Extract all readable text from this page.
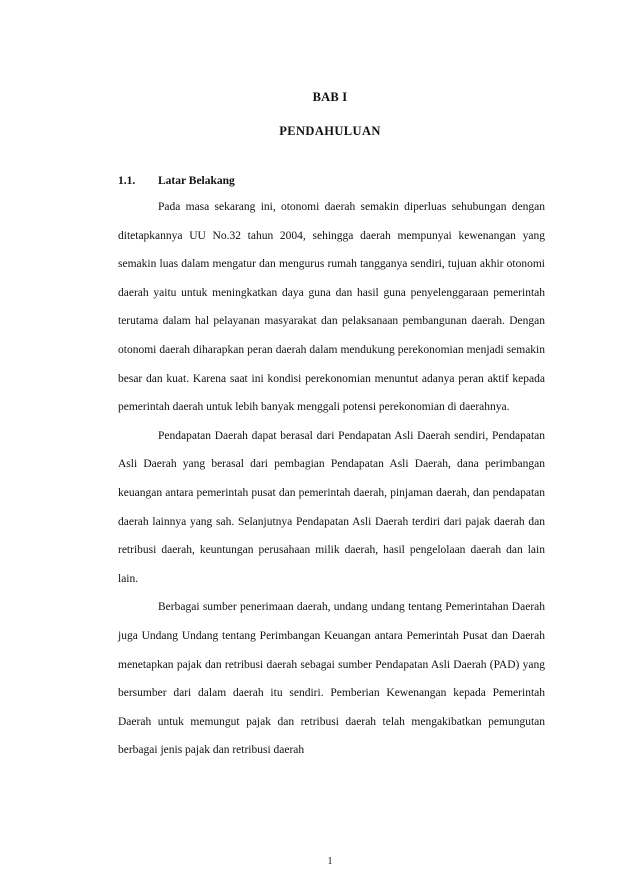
BAB I
PENDAHULUAN
1.1. Latar Belakang

Pada masa sekarang ini, otonomi daerah semakin diperluas sehubungan dengan ditetapkannya UU No.32 tahun 2004, sehingga daerah mempunyai kewenangan yang semakin luas dalam mengatur dan mengurus rumah tangganya sendiri, tujuan akhir otonomi daerah yaitu untuk meningkatkan daya guna dan hasil guna penyelenggaraan pemerintah terutama dalam hal pelayanan masyarakat dan pelaksanaan pembangunan daerah. Dengan otonomi daerah diharapkan peran daerah dalam mendukung perekonomian menjadi semakin besar dan kuat. Karena saat ini kondisi perekonomian menuntut adanya peran aktif kepada pemerintah daerah untuk lebih banyak menggali potensi perekonomian di daerahnya.

Pendapatan Daerah dapat berasal dari Pendapatan Asli Daerah sendiri, Pendapatan Asli Daerah yang berasal dari pembagian Pendapatan Asli Daerah, dana perimbangan keuangan antara pemerintah pusat dan pemerintah daerah, pinjaman daerah, dan pendapatan daerah lainnya yang sah. Selanjutnya Pendapatan Asli Daerah terdiri dari pajak daerah dan retribusi daerah, keuntungan perusahaan milik daerah, hasil pengelolaan daerah dan lain lain.

Berbagai sumber penerimaan daerah, undang undang tentang Pemerintahan Daerah juga Undang Undang tentang Perimbangan Keuangan antara Pemerintah Pusat dan Daerah menetapkan pajak dan retribusi daerah sebagai sumber Pendapatan Asli Daerah (PAD) yang bersumber dari dalam daerah itu sendiri. Pemberian Kewenangan kepada Pemerintah Daerah untuk memungut pajak dan retribusi daerah telah mengakibatkan pemungutan berbagai jenis pajak dan retribusi daerah

1
